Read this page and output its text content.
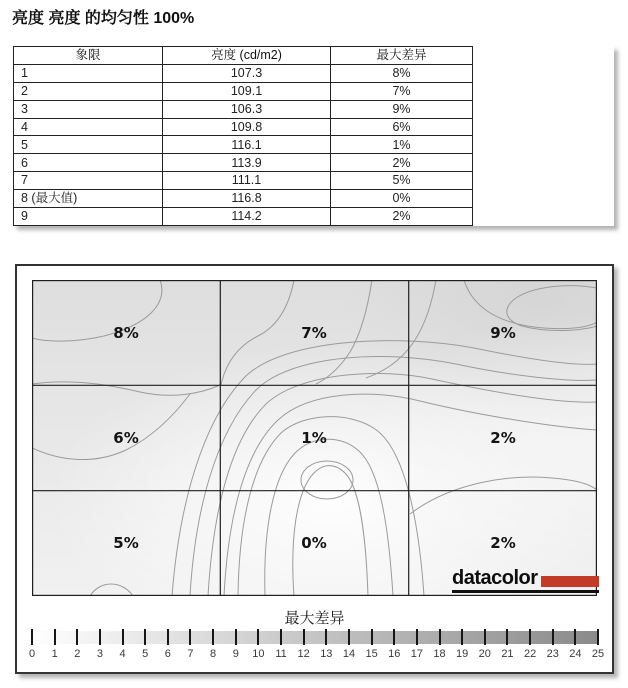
亮度 亮度 的均匀性 100%
象限	亮度 (cd/m2)	最大差异
1	107.3	8%
2	109.1	7%
3	106.3	9%
4	109.8	6%
5	116.1	1%
6	113.9	2%
7	111.1	5%
8 (最大值)	116.8	0%
9	114.2	2%
8%	7%	9%
6%	1%	2%
5%	0%	2%
datacolor
最大差异
0 1 2 3 4 5 6 7 8 9 10 11 12 13 14 15 16 17 18 19 20 21 22 23 24 25
